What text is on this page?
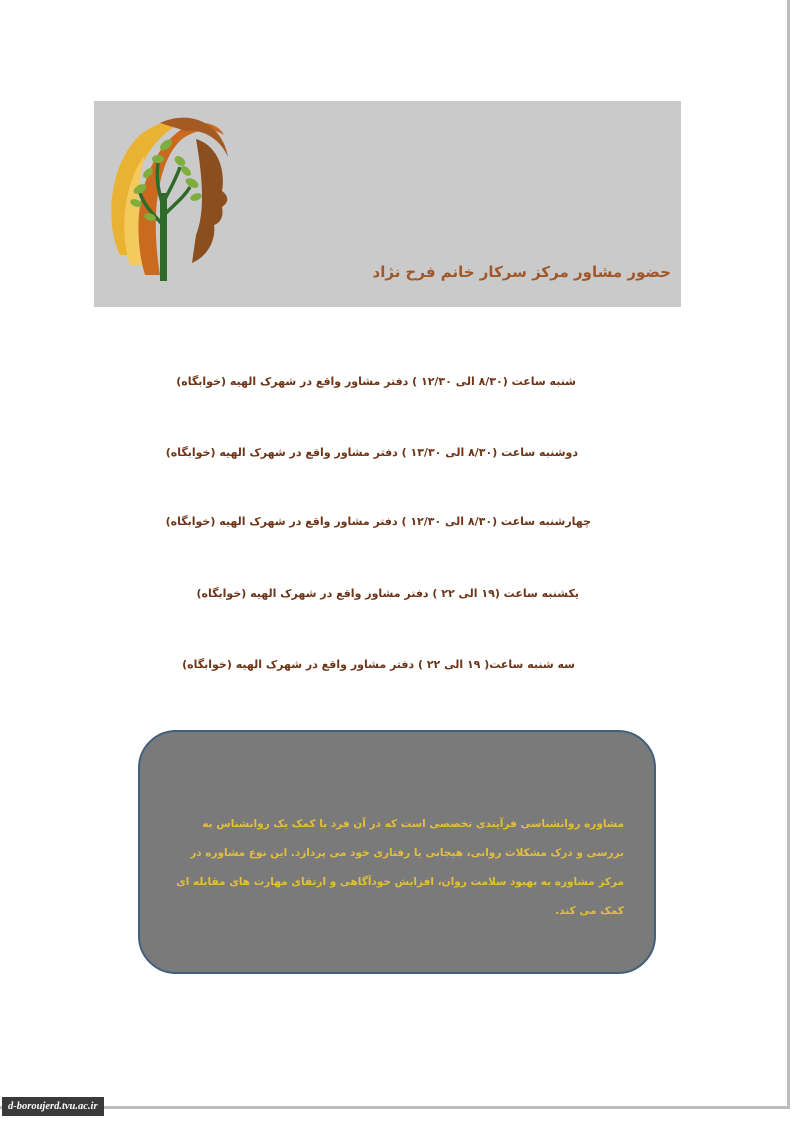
حضور مشاور مرکز سرکار خانم فرح نژاد
شنبه ساعت (۸/۳۰ الی ۱۲/۳۰ ) دفتر مشاور واقع در شهرک الهیه (خوابگاه)
دوشنبه ساعت (۸/۳۰ الی ۱۳/۳۰ ) دفتر مشاور واقع در شهرک الهیه (خوابگاه)
چهارشنبه ساعت (۸/۳۰ الی ۱۲/۳۰ ) دفتر مشاور واقع در شهرک الهیه (خوابگاه)
یکشنبه ساعت (۱۹ الی ۲۲ ) دفتر مشاور واقع در شهرک الهیه (خوابگاه)
سه شنبه ساعت( ۱۹ الی ۲۲ ) دفتر مشاور واقع در شهرک الهیه (خوابگاه)
مشاوره روانشناسی فرآیندی تخصصی است که در آن فرد با کمک یک روانشناس به بررسی و درک مشکلات روانی، هیجانی یا رفتاری خود می پردازد. این نوع مشاوره در مرکز مشاوره به بهبود سلامت روان، افزایش خودآگاهی و ارتقای مهارت های مقابله ای کمک می کند.
d-boroujerd.tvu.ac.ir
